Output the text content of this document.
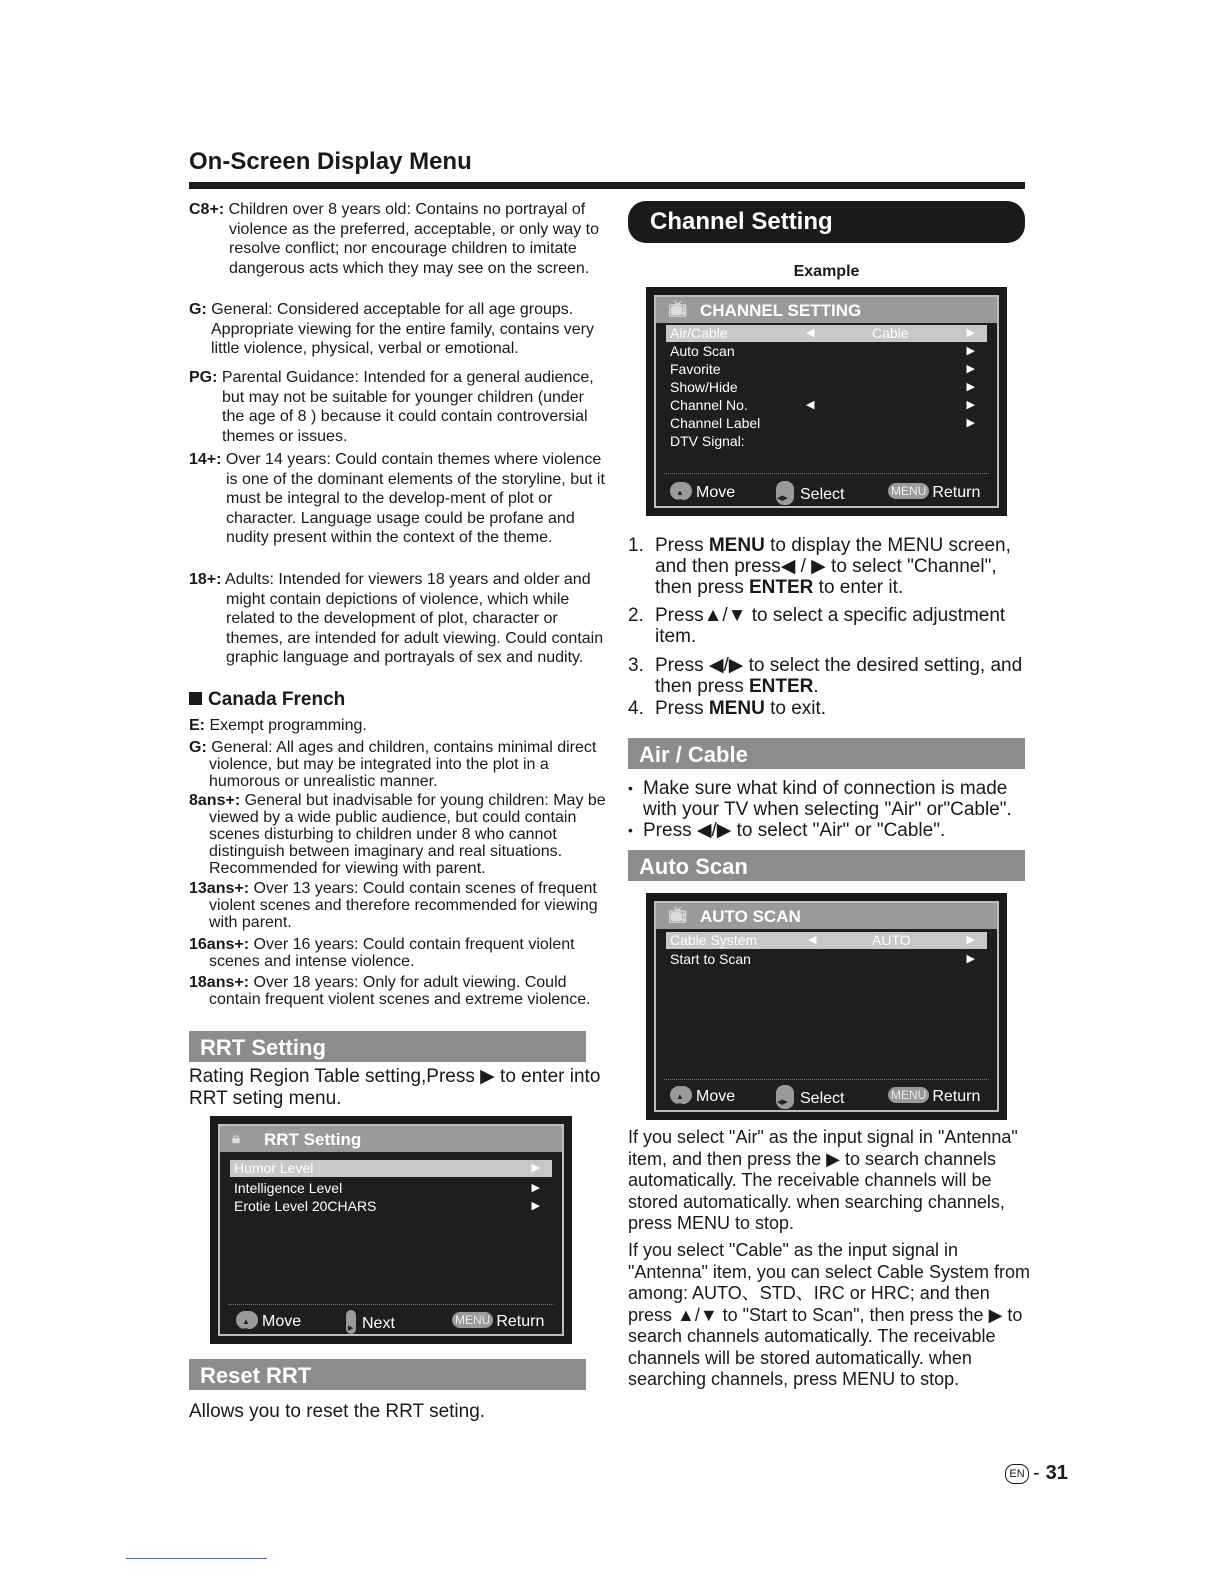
On-Screen Display Menu

C8+: Children over 8 years old: Contains no portrayal of violence as the preferred, acceptable, or only way to resolve conflict; nor encourage children to imitate dangerous acts which they may see on the screen.

G: General: Considered acceptable for all age groups. Appropriate viewing for the entire family, contains very little violence, physical, verbal or emotional.

PG: Parental Guidance: Intended for a general audience, but may not be suitable for younger children (under the age of 8 ) because it could contain controversial themes or issues.

14+: Over 14 years: Could contain themes where violence is one of the dominant elements of the storyline, but it must be integral to the develop-ment of plot or character. Language usage could be profane and nudity present within the context of the theme.

18+: Adults: Intended for viewers 18 years and older and might contain depictions of violence, which while related to the development of plot, character or themes, are intended for adult viewing. Could contain graphic language and portrayals of sex and nudity.

Canada French

E: Exempt programming.

G: General: All ages and children, contains minimal direct violence, but may be integrated into the plot in a humorous or unrealistic manner.

8ans+: General but inadvisable for young children: May be viewed by a wide public audience, but could contain scenes disturbing to children under 8 who cannot distinguish between imaginary and real situations. Recommended for viewing with parent.

13ans+: Over 13 years: Could contain scenes of frequent violent scenes and therefore recommended for viewing with parent.

16ans+: Over 16 years: Could contain frequent violent scenes and intense violence.

18ans+: Over 18 years: Only for adult viewing. Could contain frequent violent scenes and extreme violence.

RRT Setting
Rating Region Table setting,Press ▶ to enter into RRT seting menu.
🔒︎	RRT Setting
Humor Level	▶
Intelligence Level	▶
Erotie Level 20CHARS	▶
▲ ▼Move ▶	Next	MENU Return
Reset RRT
Allows you to reset the RRT seting.
Channel Setting
Example
📺︎ CHANNEL SETTING
Air/Cable	◀	Cable	▶
Auto Scan	▶
Favorite	▶
Show/Hide	▶
Channel No.	◀	▶
Channel Label	▶
DTV Signal:
▲ ▼Move ◀▶	Select	MENU Return
1. Press MENU to display the MENU screen, and then press◀ / ▶ to select "Channel", then press ENTER to enter it.
2. Press▲/▼ to select a specific adjustment item.
3. Press ◀/▶ to select the desired setting, and then press ENTER.
4. Press MENU to exit.
Air / Cable
• Make sure what kind of connection is made with your TV when selecting "Air" or"Cable".
• Press ◀/▶ to select "Air" or "Cable".
Auto Scan
📺︎ AUTO SCAN
Cable System	◀	AUTO	▶
Start to Scan	▶
▲ ▼Move ◀▶	Select	MENU Return
If you select "Air" as the input signal in "Antenna" item, and then press the ▶ to search channels automatically. The receivable channels will be stored automatically. when searching channels, press MENU to stop.
If you select "Cable" as the input signal in "Antenna" item, you can select Cable System from among: AUTO、STD、IRC or HRC; and then press ▲/▼ to "Start to Scan", then press the ▶ to search channels automatically. The receivable channels will be stored automatically. when searching channels, press MENU to stop.
EN - 31
